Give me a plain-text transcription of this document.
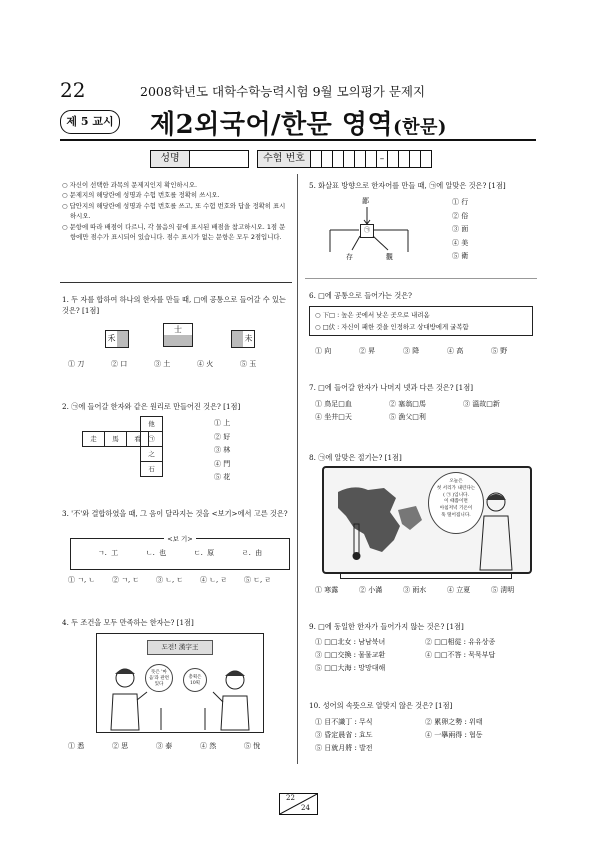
22	2008학년도 대학수학능력시험 9월 모의평가 문제지
제 5 교시 제2외국어/한문 영역(한문)
성명	수험 번호	–
○ 자신이 선택한 과목의 문제지인지 확인하시오.
○ 문제지의 해당란에 성명과 수험 번호를 정확히 쓰시오.
○ 답안지의 해당란에 성명과 수험 번호를 쓰고, 또 수험 번호와 답을 정확히 표시하시오.
○ 문항에 따라 배점이 다르니, 각 물음의 끝에 표시된 배점을 참고하시오. 1점 문항에만 점수가 표시되어 있습니다. 점수 표시가 없는 문항은 모두 2점입니다.
1. 두 자를 합하여 하나의 한자를 만들 때, □에 공통으로 들어갈 수 있는 것은? [1점]
禾
士
未
① 刀	② 口	③ 土	④ 火	⑤ 玉
2. ㉠에 들어갈 한자와 같은 원리로 만들어진 것은? [1점]
走	馬	看
他
㉠
之
石
① 上
② 好
③ 林
④ 門
⑤ 花
3. '不'와 결합하였을 때, 그 음이 달라지는 것을 <보기>에서 고른 것은?
<보 기>
ㄱ. 工	ㄴ. 也	ㄷ. 原	ㄹ. 由
① ㄱ, ㄴ ② ㄱ, ㄷ ③ ㄴ, ㄷ ④ ㄴ, ㄹ ⑤ ㄷ, ㄹ
4. 두 조건을 모두 만족하는 한자는? [1점]
도전! 漢字王
뜻은 '마음'과 관련 있다
총획은 10획
① 悉	② 思	③ 泰	④ 然	⑤ 悅
5. 화살표 방향으로 한자어를 만들 때, ㉠에 알맞은 것은? [1점]
鄙
㉠
存	觀
① 行
② 俗
③ 面
④ 美
⑤ 衛
6. □에 공통으로 들어가는 것은?
○ 下□ : 높은 곳에서 낮은 곳으로 내려옴
○ □伏 : 자신이 패한 것을 인정하고 상대방에게 굴복함
① 向	② 昇	③ 降	④ 高	⑤ 野
7. □에 들어갈 한자가 나머지 넷과 다른 것은? [1점]
① 鳥足□血	② 塞翁□馬	③ 溫故□新
④ 坐井□天	⑤ 漁父□利
8. ㉠에 알맞은 절기는? [1점]
오늘은
첫 서리가 내린다는
( ㉠ )입니다.
이 때쯤이면
아침저녁 기온이
뚝 떨어집니다.
① 寒露	② 小滿	③ 雨水	④ 立夏	⑤ 淸明
9. □에 동일한 한자가 들어가지 않는 것은? [1점]
① □□北女 : 남남북녀	② □□相從 : 유유상종
③ □□交換 : 물물교환	④ □□不答 : 묵묵부답
⑤ □□大海 : 망망대해
10. 성어의 속뜻으로 알맞지 않은 것은? [1점]
① 目不識丁 : 무식	② 累卵之勢 : 위태
③ 昏定晨省 : 효도	④ 一擧兩得 : 협동
⑤ 日就月將 : 발전
22
24
